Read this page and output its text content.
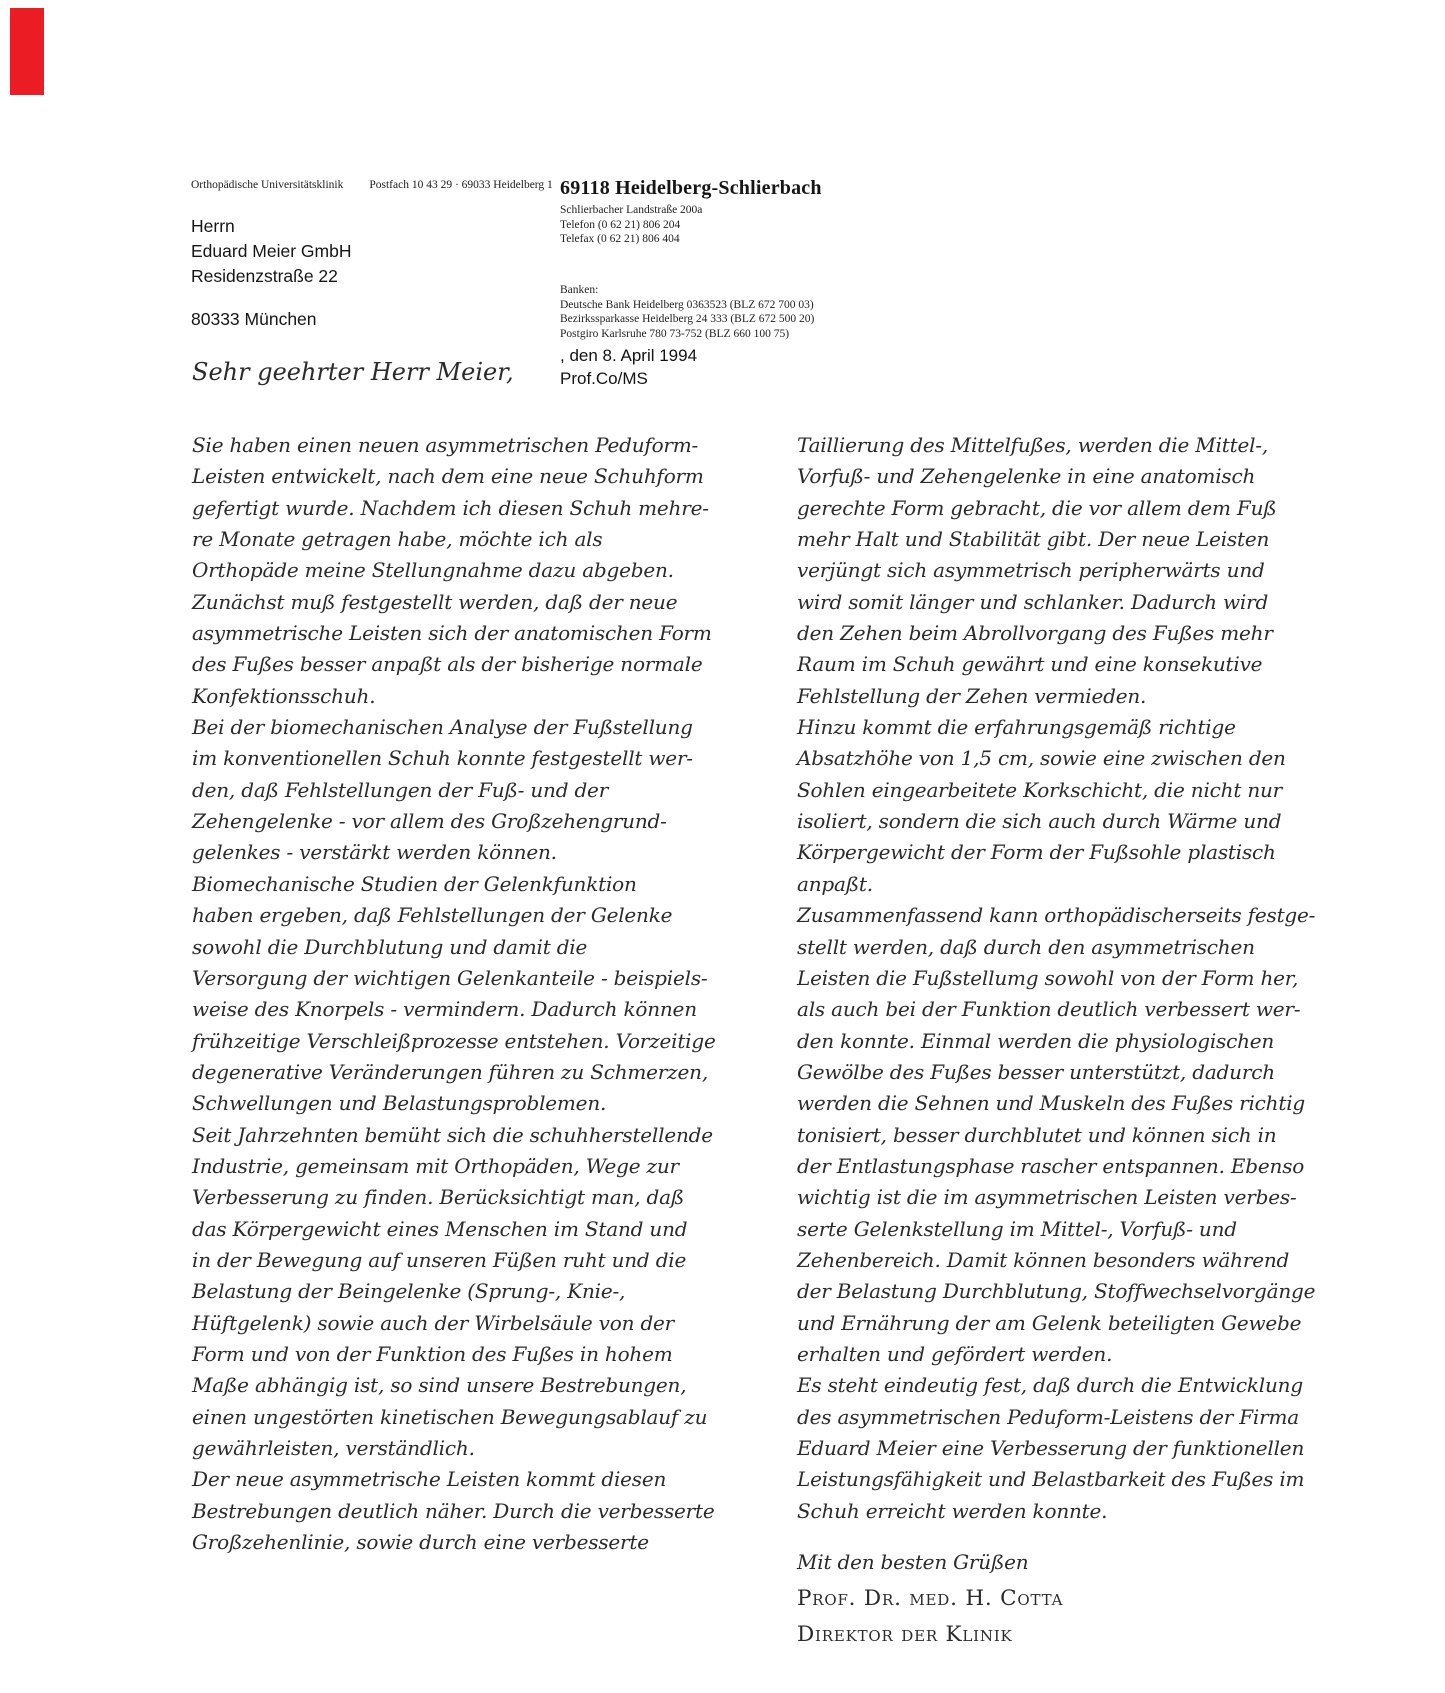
Orthopädische Universitätsklinik Postfach 10 43 29 · 69033 Heidelberg 1
Herrn
Eduard Meier GmbH
Residenzstraße 22
80333 München
69118 Heidelberg-Schlierbach
Schlierbacher Landstraße 200a
Telefon (0 62 21) 806 204
Telefax (0 62 21) 806 404
Banken:
Deutsche Bank Heidelberg 0363523 (BLZ 672 700 03)
Bezirkssparkasse Heidelberg 24 333 (BLZ 672 500 20)
Postgiro Karlsruhe 780 73-752 (BLZ 660 100 75)
, den 8. April 1994
Prof.Co/MS
Sehr geehrter Herr Meier,
Sie haben einen neuen asymmetrischen Peduform-
Leisten entwickelt, nach dem eine neue Schuhform
gefertigt wurde. Nachdem ich diesen Schuh mehre-
re Monate getragen habe, möchte ich als
Orthopäde meine Stellungnahme dazu abgeben.
Zunächst muß festgestellt werden, daß der neue
asymmetrische Leisten sich der anatomischen Form
des Fußes besser anpaßt als der bisherige normale
Konfektionsschuh.
Bei der biomechanischen Analyse der Fußstellung
im konventionellen Schuh konnte festgestellt wer-
den, daß Fehlstellungen der Fuß- und der
Zehengelenke - vor allem des Großzehengrund-
gelenkes - verstärkt werden können.
Biomechanische Studien der Gelenkfunktion
haben ergeben, daß Fehlstellungen der Gelenke
sowohl die Durchblutung und damit die
Versorgung der wichtigen Gelenkanteile - beispiels-
weise des Knorpels - vermindern. Dadurch können
frühzeitige Verschleißprozesse entstehen. Vorzeitige
degenerative Veränderungen führen zu Schmerzen,
Schwellungen und Belastungsproblemen.
Seit Jahrzehnten bemüht sich die schuhherstellende
Industrie, gemeinsam mit Orthopäden, Wege zur
Verbesserung zu finden. Berücksichtigt man, daß
das Körpergewicht eines Menschen im Stand und
in der Bewegung auf unseren Füßen ruht und die
Belastung der Beingelenke (Sprung-, Knie-,
Hüftgelenk) sowie auch der Wirbelsäule von der
Form und von der Funktion des Fußes in hohem
Maße abhängig ist, so sind unsere Bestrebungen,
einen ungestörten kinetischen Bewegungsablauf zu
gewährleisten, verständlich.
Der neue asymmetrische Leisten kommt diesen
Bestrebungen deutlich näher. Durch die verbesserte
Großzehenlinie, sowie durch eine verbesserte
Taillierung des Mittelfußes, werden die Mittel-,
Vorfuß- und Zehengelenke in eine anatomisch
gerechte Form gebracht, die vor allem dem Fuß
mehr Halt und Stabilität gibt. Der neue Leisten
verjüngt sich asymmetrisch peripherwärts und
wird somit länger und schlanker. Dadurch wird
den Zehen beim Abrollvorgang des Fußes mehr
Raum im Schuh gewährt und eine konsekutive
Fehlstellung der Zehen vermieden.
Hinzu kommt die erfahrungsgemäß richtige
Absatzhöhe von 1,5 cm, sowie eine zwischen den
Sohlen eingearbeitete Korkschicht, die nicht nur
isoliert, sondern die sich auch durch Wärme und
Körpergewicht der Form der Fußsohle plastisch
anpaßt.
Zusammenfassend kann orthopädischerseits festge-
stellt werden, daß durch den asymmetrischen
Leisten die Fußstellumg sowohl von der Form her,
als auch bei der Funktion deutlich verbessert wer-
den konnte. Einmal werden die physiologischen
Gewölbe des Fußes besser unterstützt, dadurch
werden die Sehnen und Muskeln des Fußes richtig
tonisiert, besser durchblutet und können sich in
der Entlastungsphase rascher entspannen. Ebenso
wichtig ist die im asymmetrischen Leisten verbes-
serte Gelenkstellung im Mittel-, Vorfuß- und
Zehenbereich. Damit können besonders während
der Belastung Durchblutung, Stoffwechselvorgänge
und Ernährung der am Gelenk beteiligten Gewebe
erhalten und gefördert werden.
Es steht eindeutig fest, daß durch die Entwicklung
des asymmetrischen Peduform-Leistens der Firma
Eduard Meier eine Verbesserung der funktionellen
Leistungsfähigkeit und Belastbarkeit des Fußes im
Schuh erreicht werden konnte.
Mit den besten Grüßen
Prof. Dr. med. H. Cotta
Direktor der Klinik
